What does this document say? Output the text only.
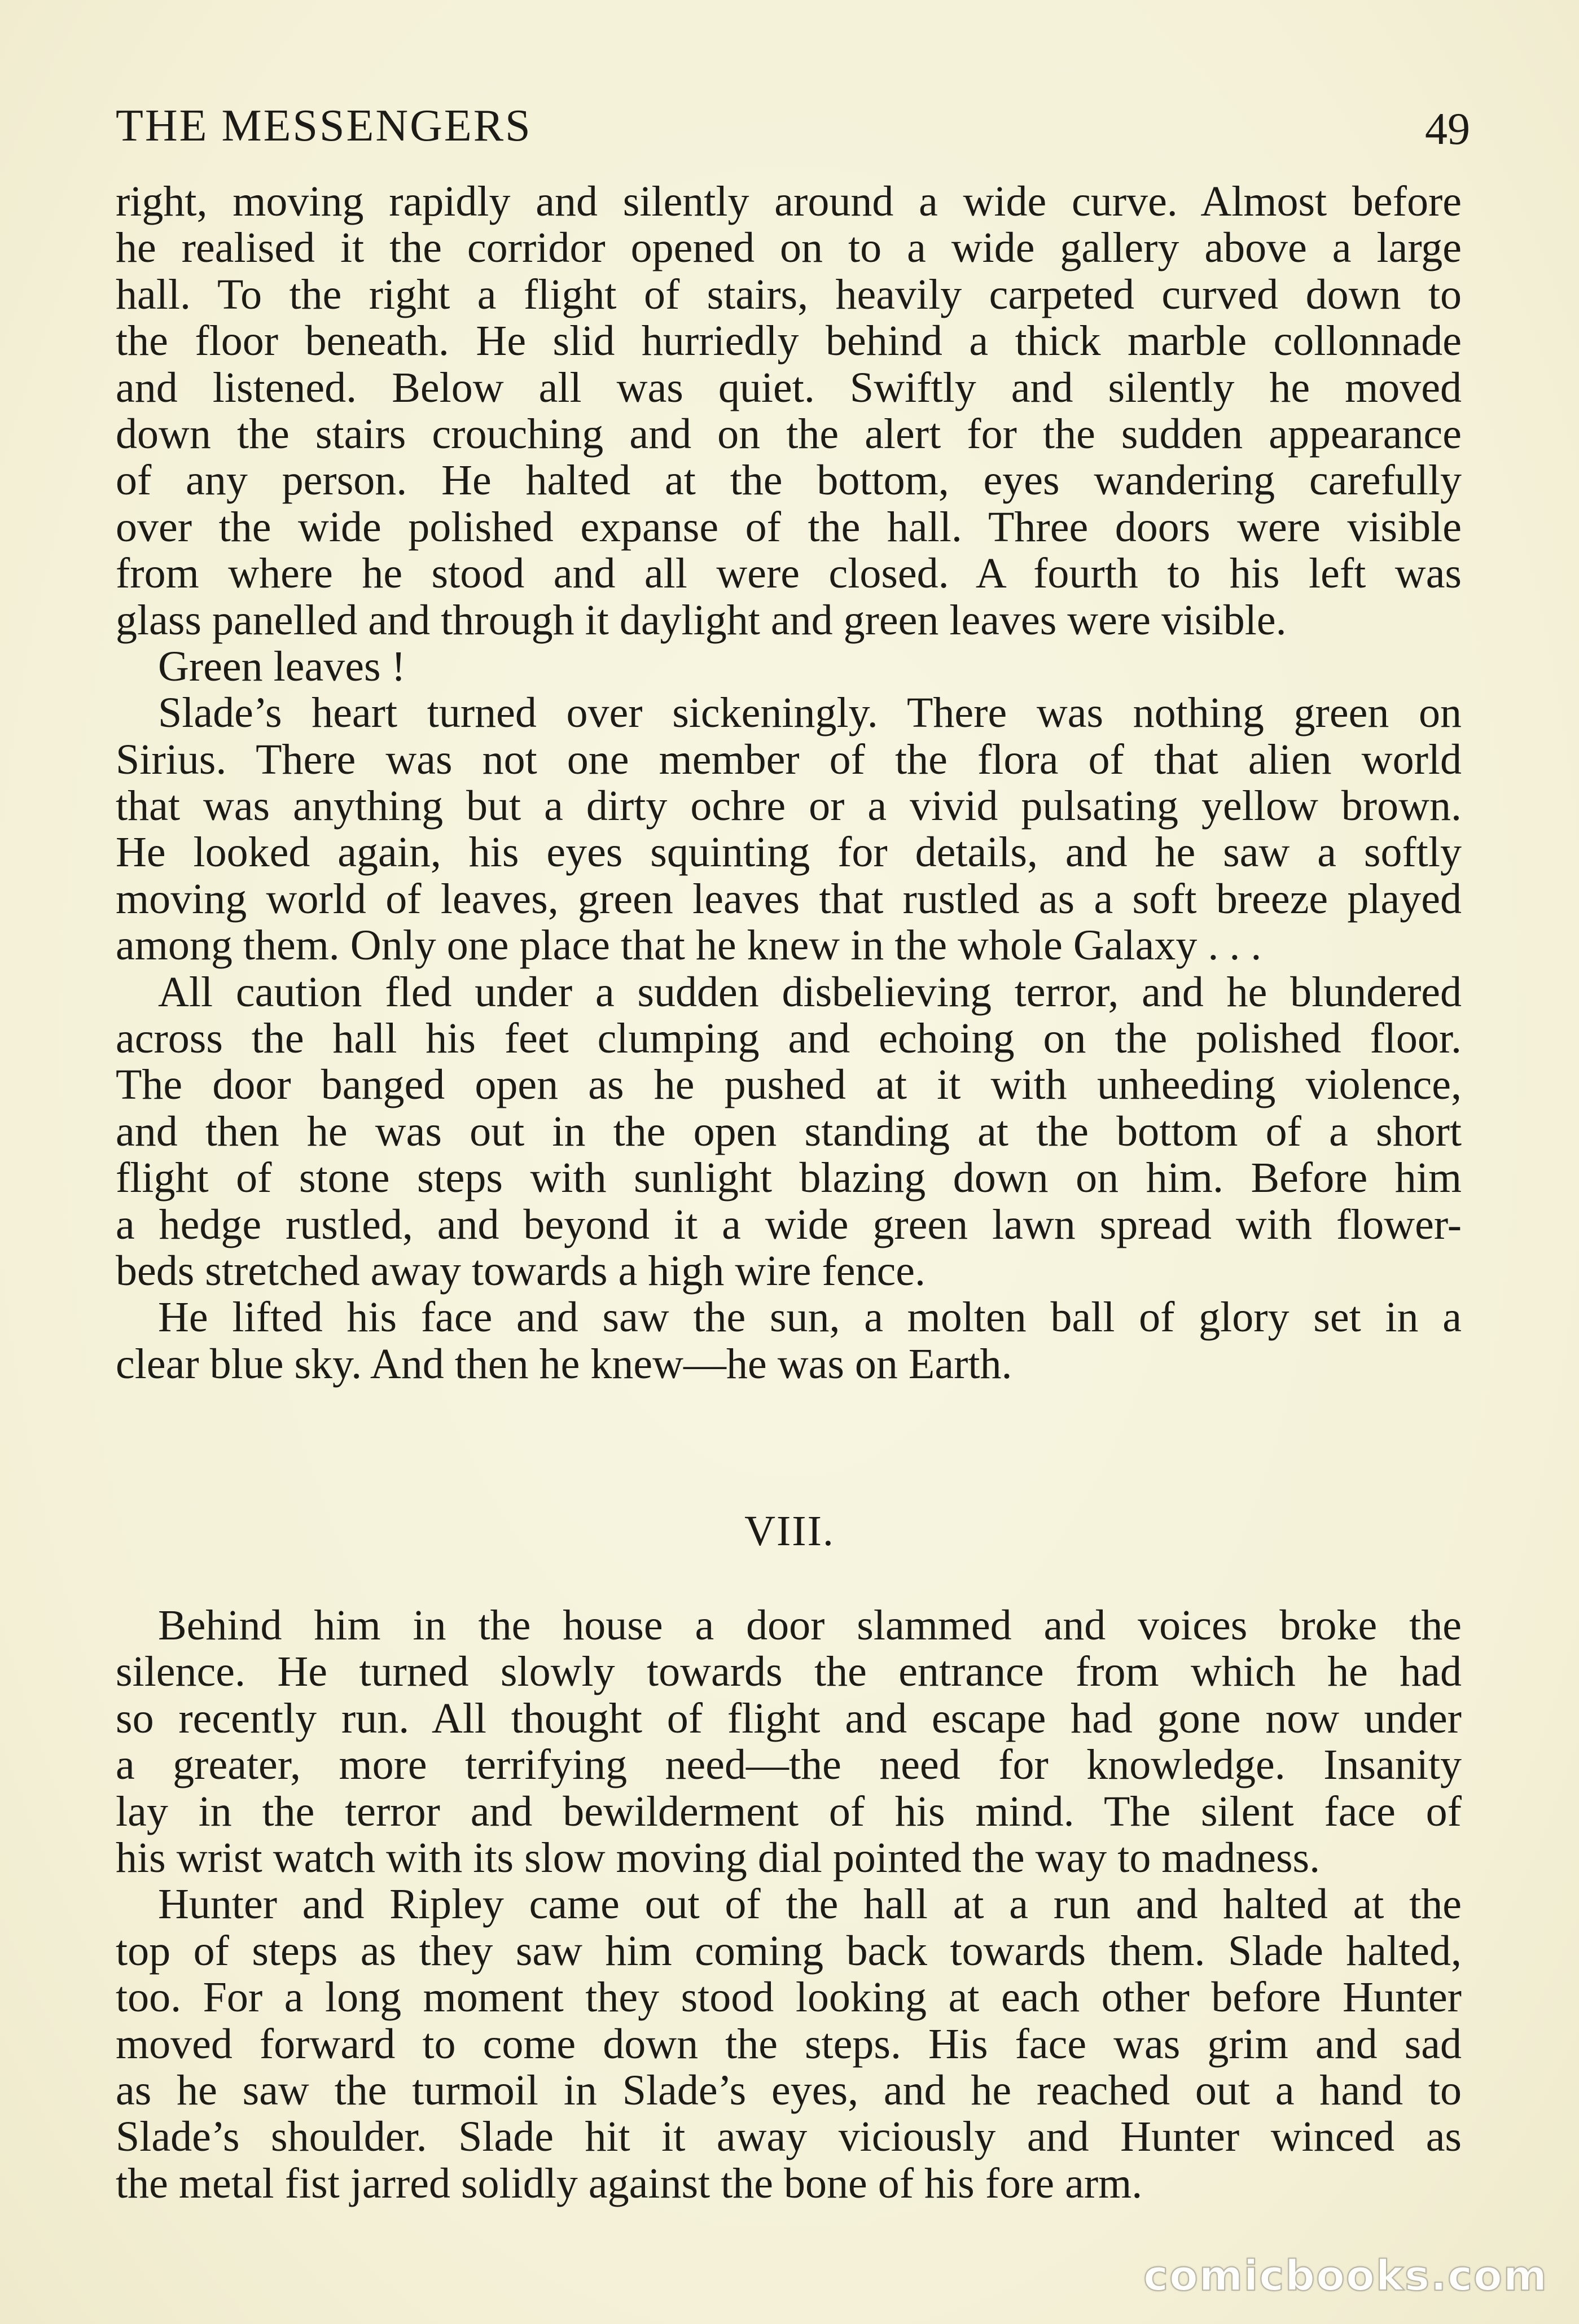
THE MESSENGERS	49
right, moving rapidly and silently around a wide curve. Almost before
he realised it the corridor opened on to a wide gallery above a large
hall. To the right a flight of stairs, heavily carpeted curved down to
the floor beneath. He slid hurriedly behind a thick marble collonnade
and listened. Below all was quiet. Swiftly and silently he moved
down the stairs crouching and on the alert for the sudden appearance
of any person. He halted at the bottom, eyes wandering carefully
over the wide polished expanse of the hall. Three doors were visible
from where he stood and all were closed. A fourth to his left was
glass panelled and through it daylight and green leaves were visible.
Green leaves !
Slade’s heart turned over sickeningly. There was nothing green on
Sirius. There was not one member of the flora of that alien world
that was anything but a dirty ochre or a vivid pulsating yellow brown.
He looked again, his eyes squinting for details, and he saw a softly
moving world of leaves, green leaves that rustled as a soft breeze played
among them. Only one place that he knew in the whole Galaxy . . .
All caution fled under a sudden disbelieving terror, and he blundered
across the hall his feet clumping and echoing on the polished floor.
The door banged open as he pushed at it with unheeding violence,
and then he was out in the open standing at the bottom of a short
flight of stone steps with sunlight blazing down on him. Before him
a hedge rustled, and beyond it a wide green lawn spread with flower-
beds stretched away towards a high wire fence.
He lifted his face and saw the sun, a molten ball of glory set in a
clear blue sky. And then he knew—he was on Earth.
VIII.
Behind him in the house a door slammed and voices broke the
silence. He turned slowly towards the entrance from which he had
so recently run. All thought of flight and escape had gone now under
a greater, more terrifying need—the need for knowledge. Insanity
lay in the terror and bewilderment of his mind. The silent face of
his wrist watch with its slow moving dial pointed the way to madness.
Hunter and Ripley came out of the hall at a run and halted at the
top of steps as they saw him coming back towards them. Slade halted,
too. For a long moment they stood looking at each other before Hunter
moved forward to come down the steps. His face was grim and sad
as he saw the turmoil in Slade’s eyes, and he reached out a hand to
Slade’s shoulder. Slade hit it away viciously and Hunter winced as
the metal fist jarred solidly against the bone of his fore arm.
comicbooks.com
